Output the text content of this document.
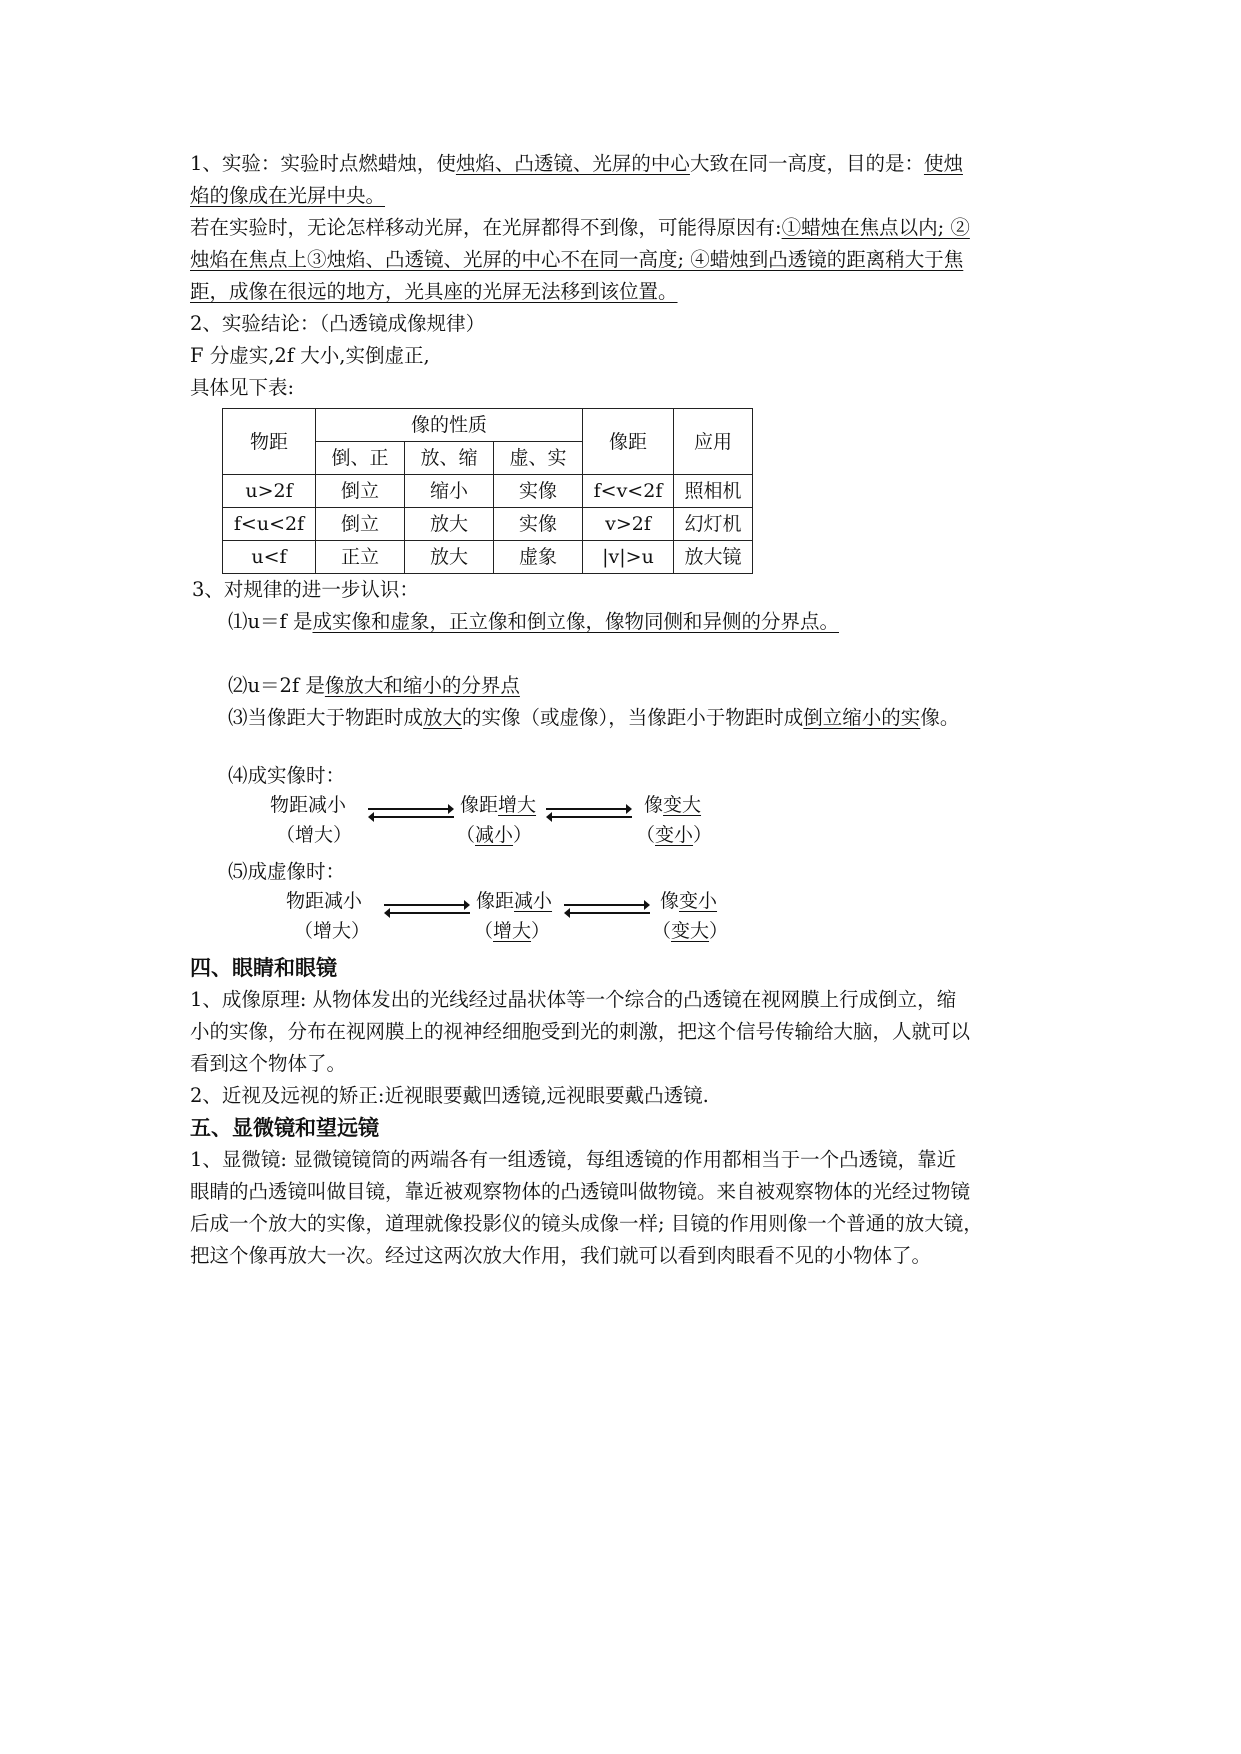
1、实验：实验时点燃蜡烛，使烛焰、凸透镜、光屏的中心大致在同一高度，目的是：使烛

焰的像成在光屏中央。

若在实验时，无论怎样移动光屏，在光屏都得不到像，可能得原因有:①蜡烛在焦点以内; ②

烛焰在焦点上③烛焰、凸透镜、光屏的中心不在同一高度; ④蜡烛到凸透镜的距离稍大于焦

距，成像在很远的地方，光具座的光屏无法移到该位置。

2、实验结论：（凸透镜成像规律）

F 分虚实,2f 大小,实倒虚正,

具体见下表:

物距	像的性质			像距	应用
	倒、正	放、缩	虚、实		
u>2f	倒立	缩小	实像	f<v<2f	照相机
f<u<2f	倒立	放大	实像	v>2f	幻灯机
u<f	正立	放大	虚象	|v|>u	放大镜

3、对规律的进一步认识：

⑴u＝f 是成实像和虚象，正立像和倒立像，像物同侧和异侧的分界点。

⑵u＝2f 是像放大和缩小的分界点

⑶当像距大于物距时成放大的实像（或虚像），当像距小于物距时成倒立缩小的实像。

⑷成实像时：

物距减小
（增大）
像距增大
（减小）
像变大
（变小）

⑸成虚像时：

物距减小
（增大）
像距减小
（增大）
像变小
（变大）

四、眼睛和眼镜

1、成像原理: 从物体发出的光线经过晶状体等一个综合的凸透镜在视网膜上行成倒立，缩

小的实像，分布在视网膜上的视神经细胞受到光的刺激，把这个信号传输给大脑，人就可以

看到这个物体了。

2、近视及远视的矫正:近视眼要戴凹透镜,远视眼要戴凸透镜.

五、显微镜和望远镜

1、显微镜: 显微镜镜筒的两端各有一组透镜，每组透镜的作用都相当于一个凸透镜，靠近

眼睛的凸透镜叫做目镜，靠近被观察物体的凸透镜叫做物镜。来自被观察物体的光经过物镜

后成一个放大的实像，道理就像投影仪的镜头成像一样; 目镜的作用则像一个普通的放大镜，

把这个像再放大一次。经过这两次放大作用，我们就可以看到肉眼看不见的小物体了。
